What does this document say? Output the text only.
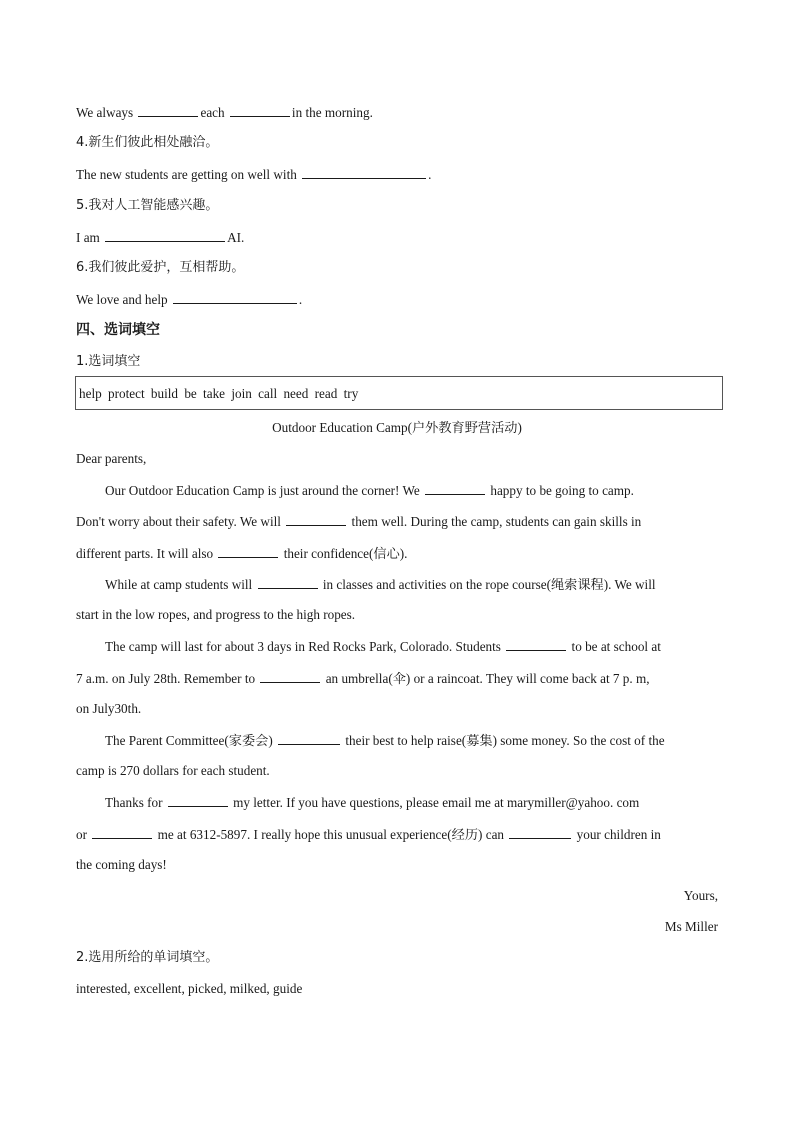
We always	each	in the morning.
4.新生们彼此相处融洽。
The new students are getting on well with	.
5.我对人工智能感兴趣。
I am	AI.
6.我们彼此爱护，互相帮助。
We love and help	.
四、选词填空
1.选词填空
help protect build be take join call need read try
Outdoor Education Camp(户外教育野营活动)
Dear parents,
Our Outdoor Education Camp is just around the corner! We	happy to be going to camp.
Don't worry about their safety. We will	them well. During the camp, students can gain skills in
different parts. It will also	their confidence(信心).
While at camp students will	in classes and activities on the rope course(绳索课程). We will
start in the low ropes, and progress to the high ropes.
The camp will last for about 3 days in Red Rocks Park, Colorado. Students	to be at school at
7 a.m. on July 28th. Remember to	an umbrella(伞) or a raincoat. They will come back at 7 p. m,
on July30th.
The Parent Committee(家委会)	their best to help raise(募集) some money. So the cost of the
camp is 270 dollars for each student.
Thanks for	my letter. If you have questions, please email me at marymiller@yahoo. com
or	me at 6312-5897. I really hope this unusual experience(经历) can	your children in
the coming days!
Yours,
Ms Miller
2.选用所给的单词填空。
interested, excellent, picked, milked, guide
